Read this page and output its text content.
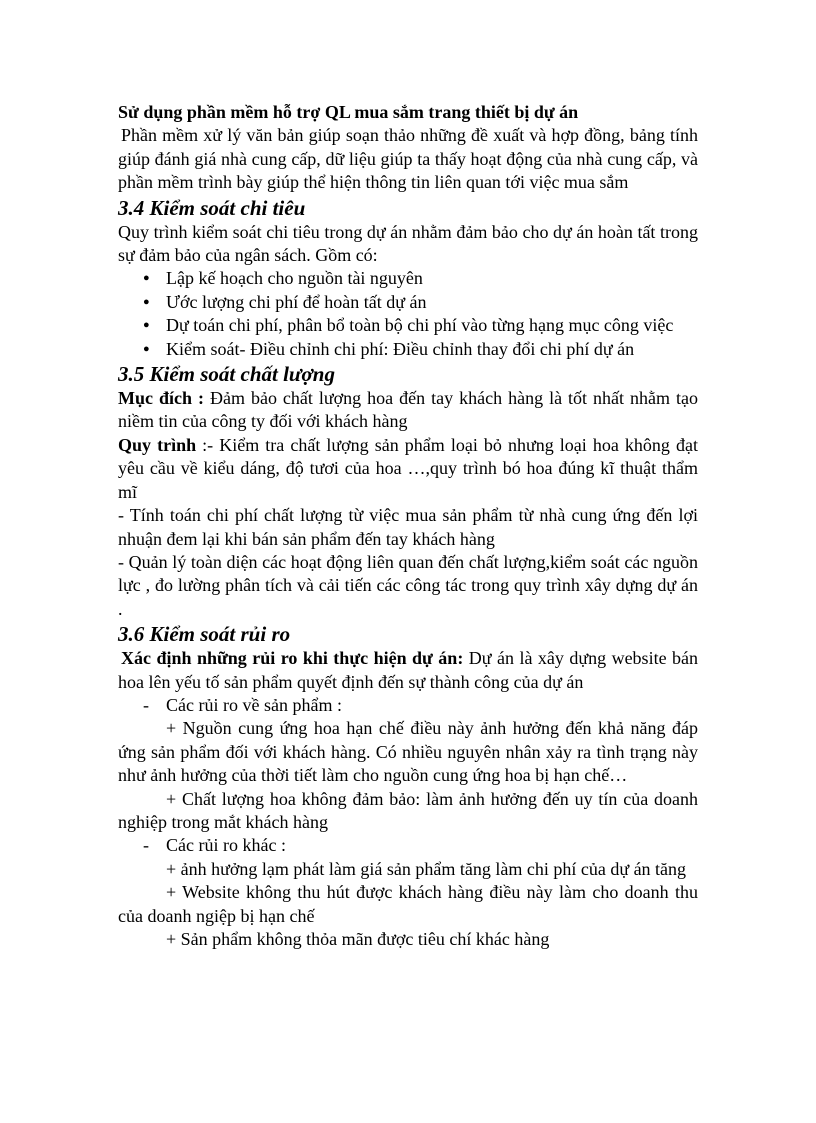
Sử dụng phần mềm hỗ trợ QL mua sắm trang thiết bị dự án

Phần mềm xử lý văn bản giúp soạn thảo những đề xuất và hợp đồng, bảng tính giúp đánh giá nhà cung cấp, dữ liệu giúp ta thấy hoạt động của nhà cung cấp, và phần mềm trình bày giúp thể hiện thông tin liên quan tới việc mua sắm

3.4 Kiểm soát chi tiêu

Quy trình kiểm soát chi tiêu trong dự án nhằm đảm bảo cho dự án hoàn tất trong sự đảm bảo của ngân sách. Gồm có:

● Lập kế hoạch cho nguồn tài nguyên
● Ước lượng chi phí để hoàn tất dự án
● Dự toán chi phí, phân bổ toàn bộ chi phí vào từng hạng mục công việc
● Kiểm soát- Điều chỉnh chi phí: Điều chỉnh thay đổi chi phí dự án

3.5 Kiểm soát chất lượng

Mục đích : Đảm bảo chất lượng hoa đến tay khách hàng là tốt nhất nhằm tạo niềm tin của công ty đối với khách hàng

Quy trình :- Kiểm tra chất lượng sản phẩm loại bỏ nhưng loại hoa không đạt yêu cầu về kiểu dáng, độ tươi của hoa …,quy trình bó hoa đúng kĩ thuật thẩm mĩ

- Tính toán chi phí chất lượng từ việc mua sản phẩm từ nhà cung ứng đến lợi nhuận đem lại khi bán sản phẩm đến tay khách hàng

- Quản lý toàn diện các hoạt động liên quan đến chất lượng,kiểm soát các nguồn lực , đo lường phân tích và cải tiến các công tác trong quy trình xây dựng dự án .

3.6 Kiểm soát rủi ro

Xác định những rủi ro khi thực hiện dự án: Dự án là xây dựng website bán hoa lên yếu tố sản phẩm quyết định đến sự thành công của dự án

- Các rủi ro về sản phẩm :

+ Nguồn cung ứng hoa hạn chế điều này ảnh hưởng đến khả năng đáp ứng sản phẩm đối với khách hàng. Có nhiều nguyên nhân xảy ra tình trạng này như ảnh hưởng của thời tiết làm cho nguồn cung ứng hoa bị hạn chế…

+ Chất lượng hoa không đảm bảo: làm ảnh hưởng đến uy tín của doanh nghiệp trong mắt khách hàng

- Các rủi ro khác :

+ ảnh hưởng lạm phát làm giá sản phẩm tăng làm chi phí của dự án tăng

+ Website không thu hút được khách hàng điều này làm cho doanh thu của doanh ngiệp bị hạn chế

+ Sản phẩm không thỏa mãn được tiêu chí khác hàng
